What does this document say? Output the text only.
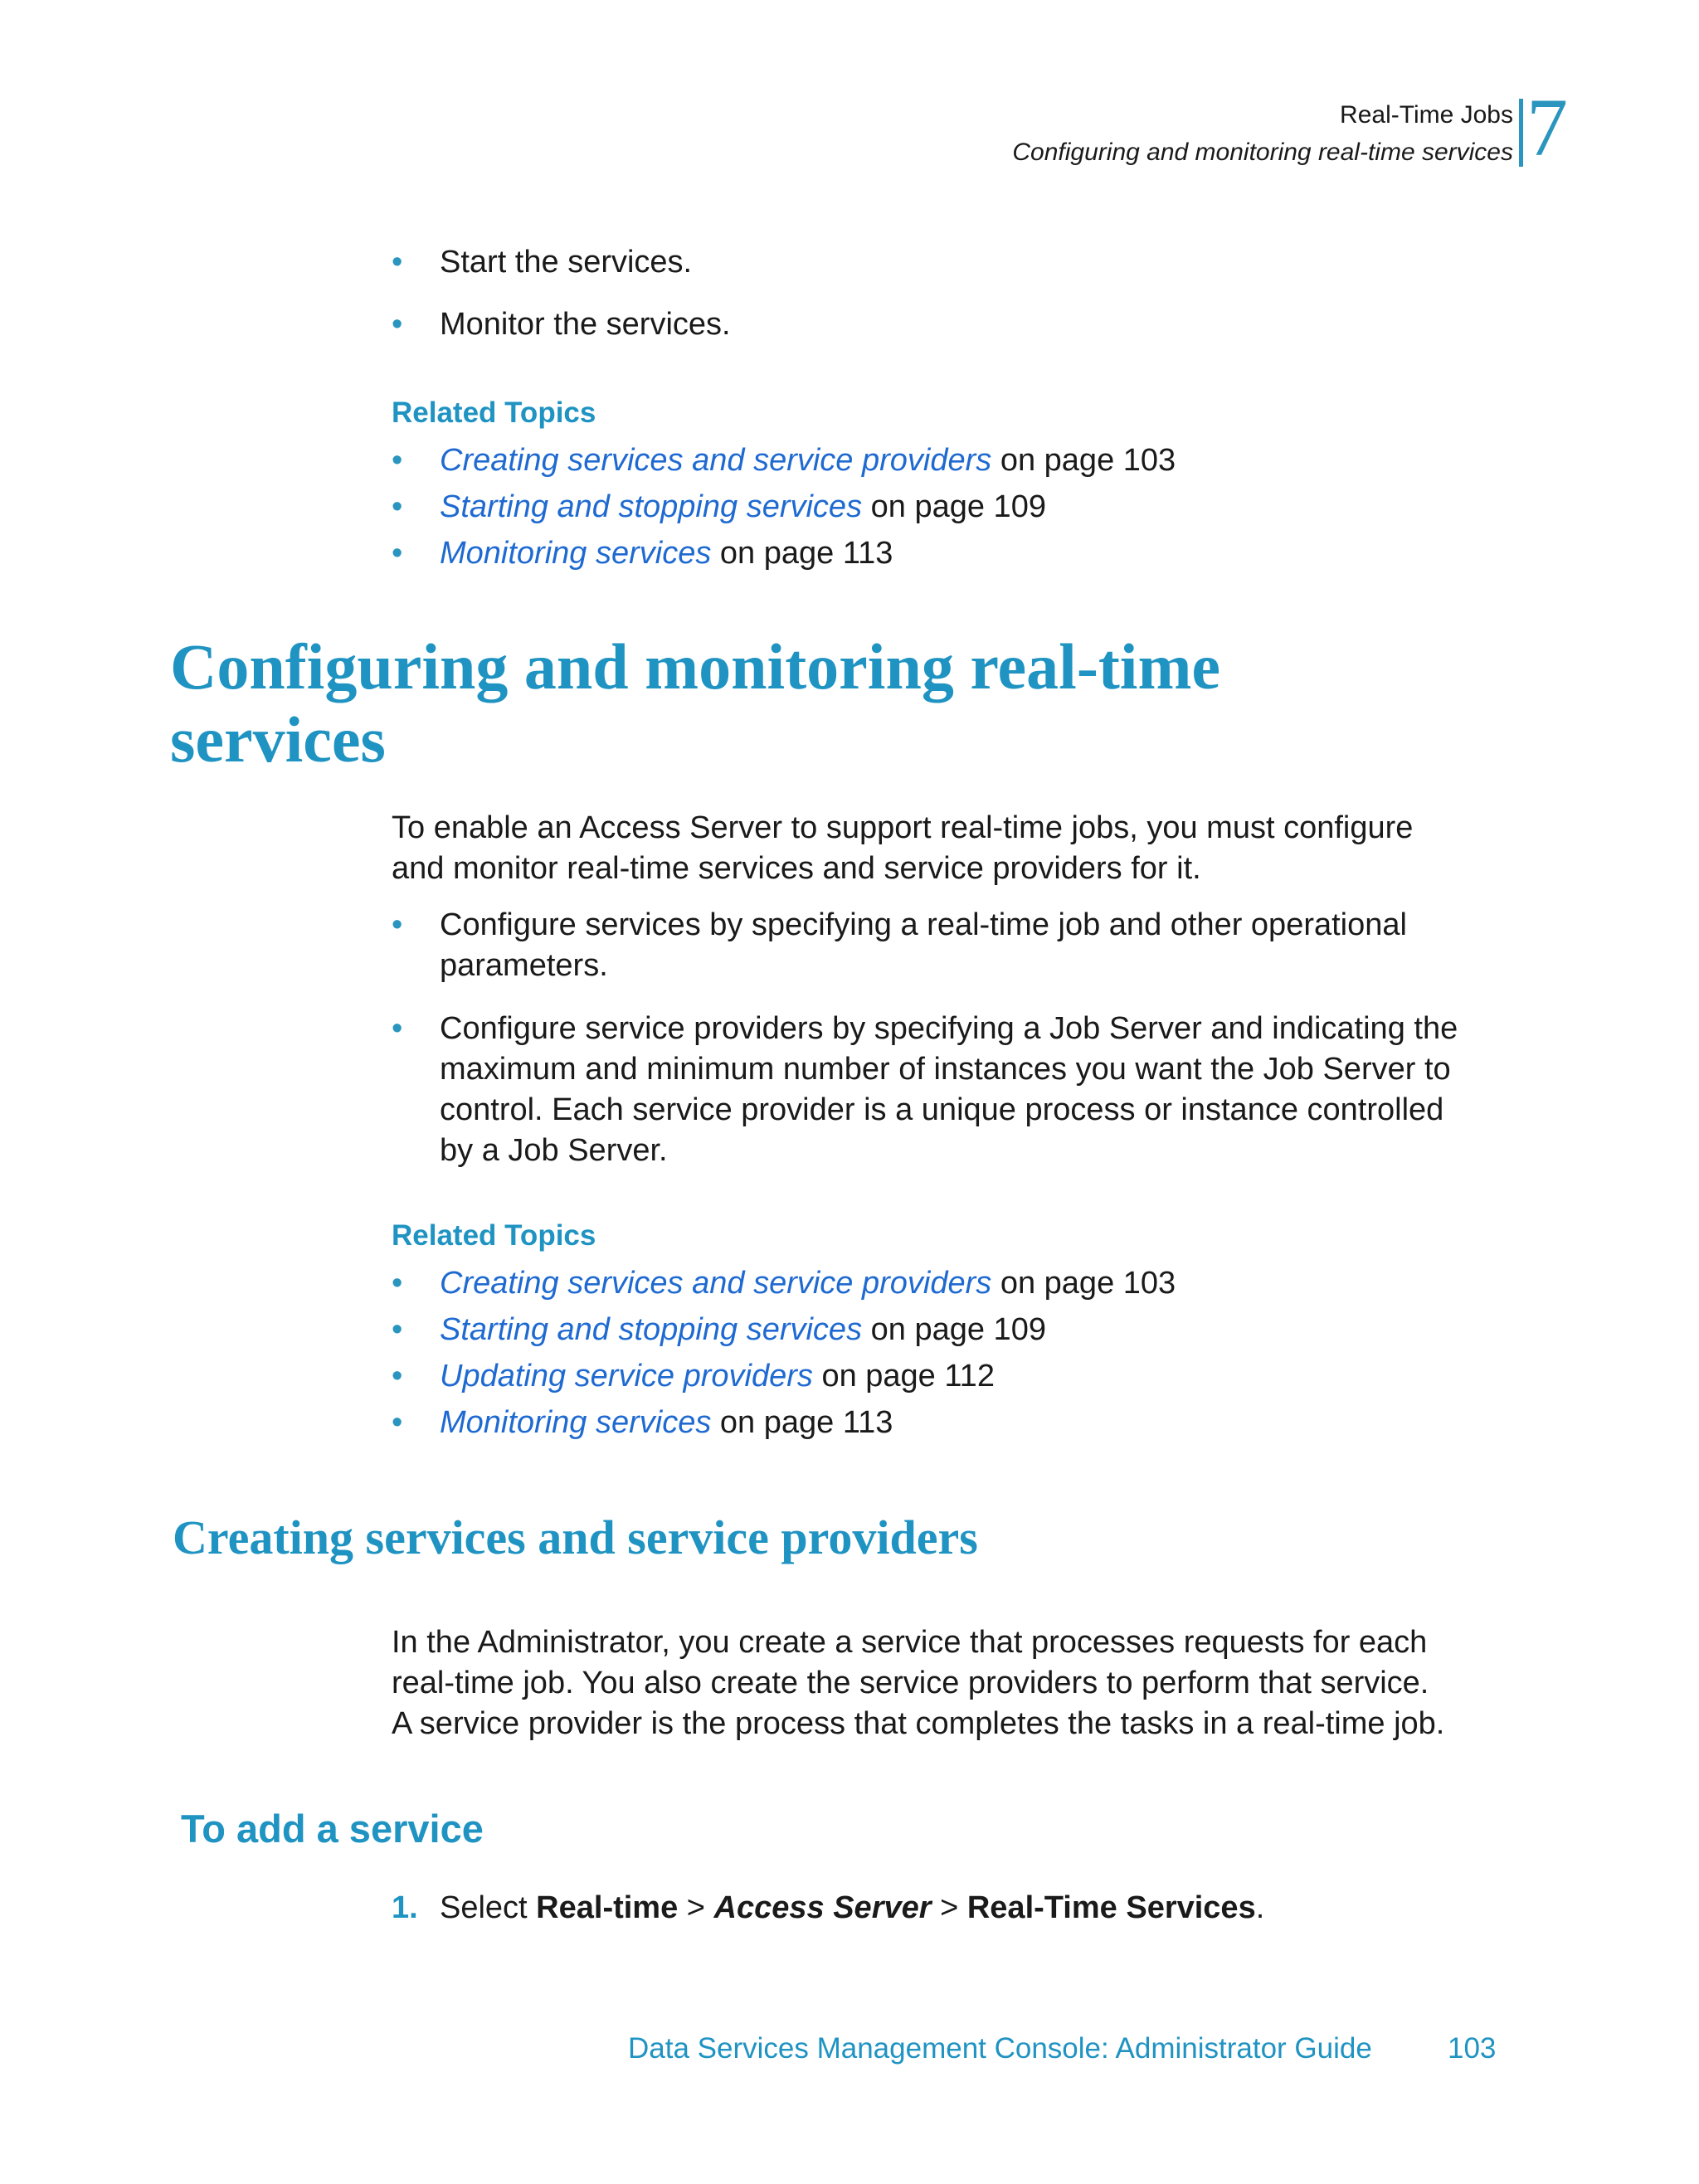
Real-Time Jobs
Configuring and monitoring real-time services 7
• Start the services.
• Monitor the services.
Related Topics
• Creating services and service providers on page 103
• Starting and stopping services on page 109
• Monitoring services on page 113
Configuring and monitoring real-time
services
To enable an Access Server to support real-time jobs, you must configure
and monitor real-time services and service providers for it.
• Configure services by specifying a real-time job and other operational
parameters.
• Configure service providers by specifying a Job Server and indicating the
maximum and minimum number of instances you want the Job Server to
control. Each service provider is a unique process or instance controlled
by a Job Server.
Related Topics
• Creating services and service providers on page 103
• Starting and stopping services on page 109
• Updating service providers on page 112
• Monitoring services on page 113
Creating services and service providers
In the Administrator, you create a service that processes requests for each
real-time job. You also create the service providers to perform that service.
A service provider is the process that completes the tasks in a real-time job.
To add a service
1. Select Real-time > Access Server > Real-Time Services.
Data Services Management Console: Administrator Guide	103
